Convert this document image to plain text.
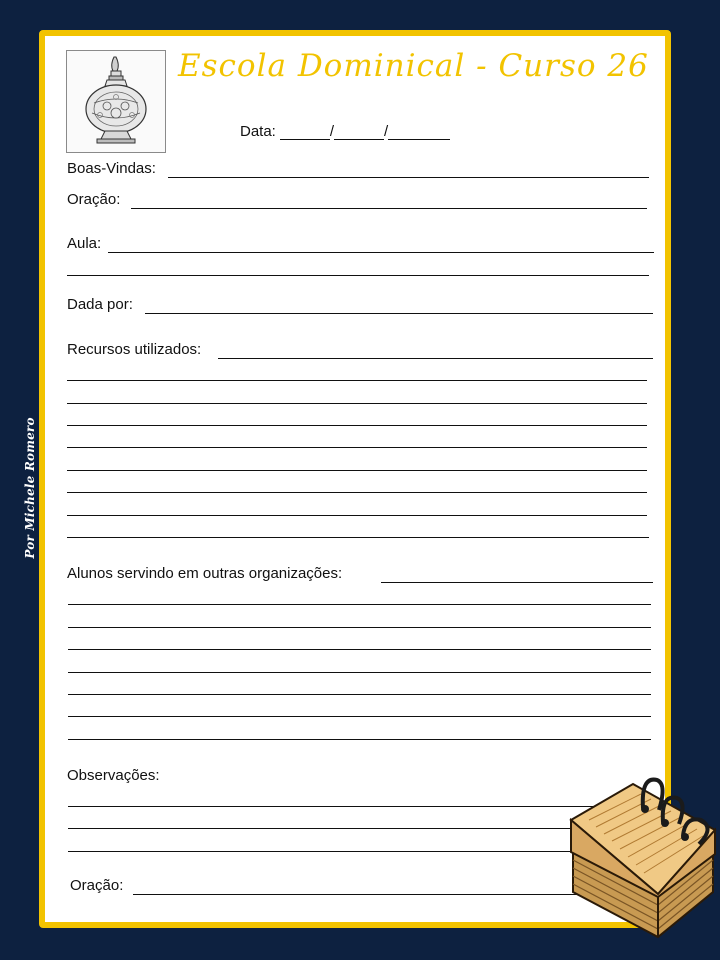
Por Michele Romero
Escola Dominical - Curso 26
Data:	/	/
Boas-Vindas:
Oração:
Aula:
Dada por:
Recursos utilizados:
Alunos servindo em outras organizações:
Observações:
Oração:
